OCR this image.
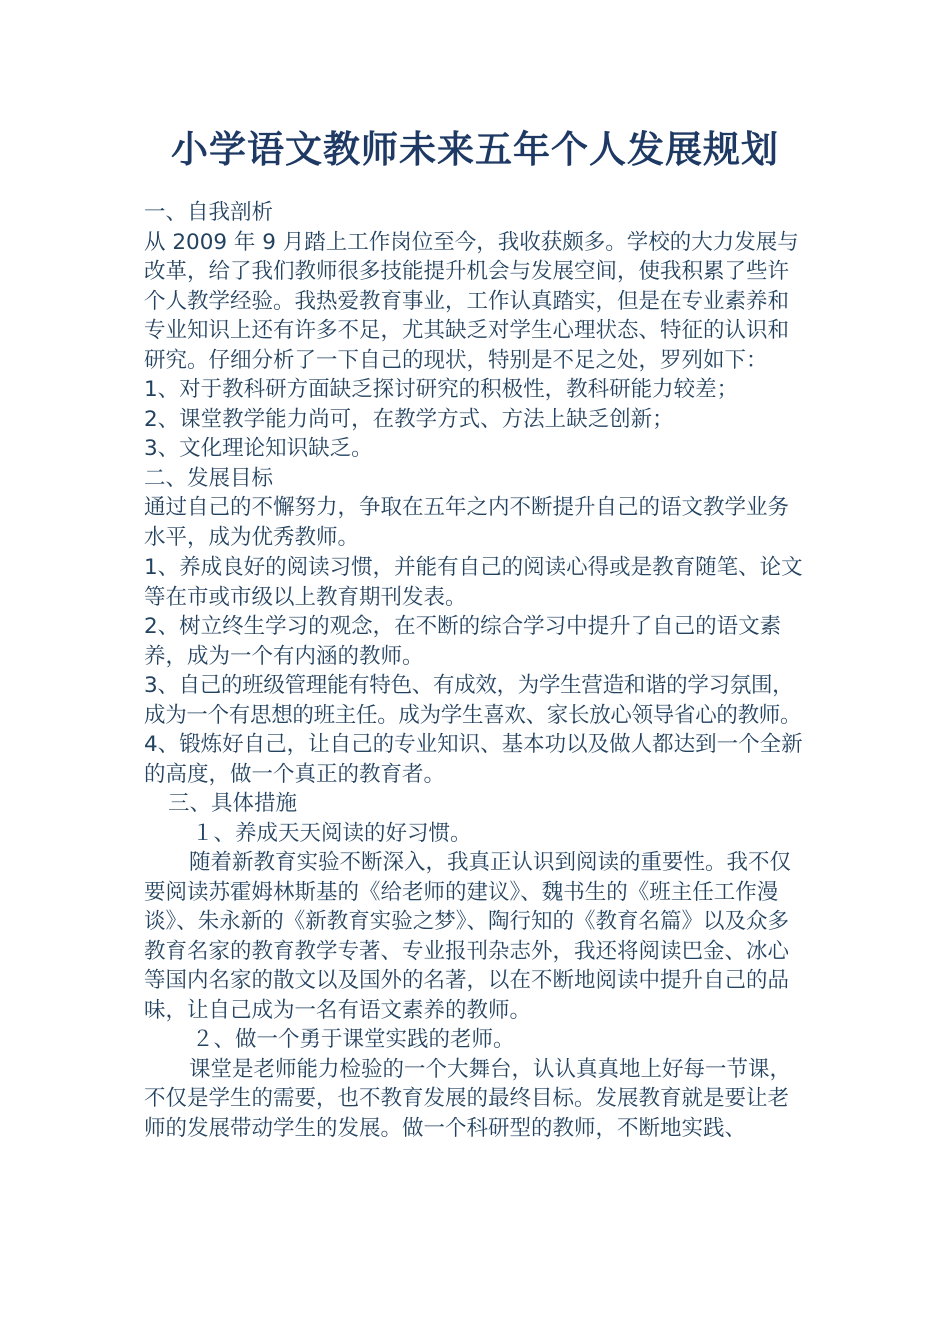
小学语文教师未来五年个人发展规划

一、自我剖析

从 2009 年 9 月踏上工作岗位至今，我收获颇多。学校的大力发展与改革，给了我们教师很多技能提升机会与发展空间，使我积累了些许个人教学经验。我热爱教育事业，工作认真踏实，但是在专业素养和专业知识上还有许多不足，尤其缺乏对学生心理状态、特征的认识和研究。仔细分析了一下自己的现状，特别是不足之处，罗列如下：

1、对于教科研方面缺乏探讨研究的积极性，教科研能力较差；

2、课堂教学能力尚可，在教学方式、方法上缺乏创新；

3、文化理论知识缺乏。

二、发展目标

通过自己的不懈努力，争取在五年之内不断提升自己的语文教学业务水平，成为优秀教师。

1、养成良好的阅读习惯，并能有自己的阅读心得或是教育随笔、论文等在市或市级以上教育期刊发表。

2、树立终生学习的观念，在不断的综合学习中提升了自己的语文素养，成为一个有内涵的教师。

3、自己的班级管理能有特色、有成效，为学生营造和谐的学习氛围，成为一个有思想的班主任。成为学生喜欢、家长放心领导省心的教师。

4、锻炼好自己，让自己的专业知识、基本功以及做人都达到一个全新的高度，做一个真正的教育者。

三、具体措施

１、养成天天阅读的好习惯。

随着新教育实验不断深入，我真正认识到阅读的重要性。我不仅要阅读苏霍姆林斯基的《给老师的建议》、魏书生的《班主任工作漫谈》、朱永新的《新教育实验之梦》、陶行知的《教育名篇》以及众多教育名家的教育教学专著、专业报刊杂志外，我还将阅读巴金、冰心等国内名家的散文以及国外的名著，以在不断地阅读中提升自己的品味，让自己成为一名有语文素养的教师。

２、做一个勇于课堂实践的老师。

课堂是老师能力检验的一个大舞台，认认真真地上好每一节课，不仅是学生的需要，也不教育发展的最终目标。发展教育就是要让老师的发展带动学生的发展。做一个科研型的教师，不断地实践、
